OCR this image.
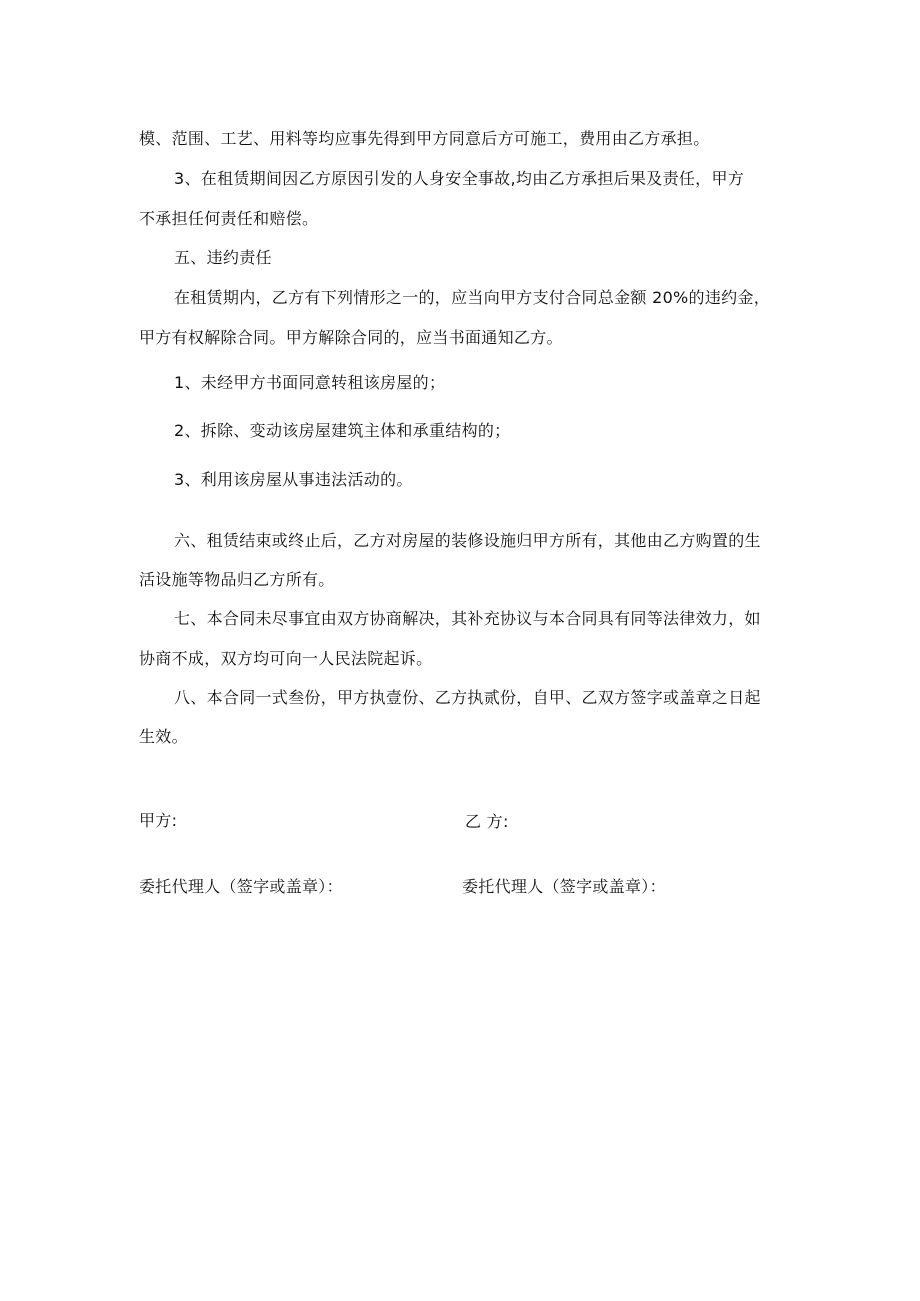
模、范围、工艺、用料等均应事先得到甲方同意后方可施工，费用由乙方承担。
3、在租赁期间因乙方原因引发的人身安全事故,均由乙方承担后果及责任，甲方
不承担任何责任和赔偿。
五、违约责任
在租赁期内，乙方有下列情形之一的，应当向甲方支付合同总金额 20%的违约金，
甲方有权解除合同。甲方解除合同的，应当书面通知乙方。
1、未经甲方书面同意转租该房屋的；
2、拆除、变动该房屋建筑主体和承重结构的；
3、利用该房屋从事违法活动的。
六、租赁结束或终止后，乙方对房屋的装修设施归甲方所有，其他由乙方购置的生
活设施等物品归乙方所有。
七、本合同未尽事宜由双方协商解决，其补充协议与本合同具有同等法律效力，如
协商不成，双方均可向一人民法院起诉。
八、本合同一式叁份，甲方执壹份、乙方执贰份，自甲、乙双方签字或盖章之日起
生效。
甲方:	乙 方:
委托代理人（签字或盖章）：	委托代理人（签字或盖章）：
